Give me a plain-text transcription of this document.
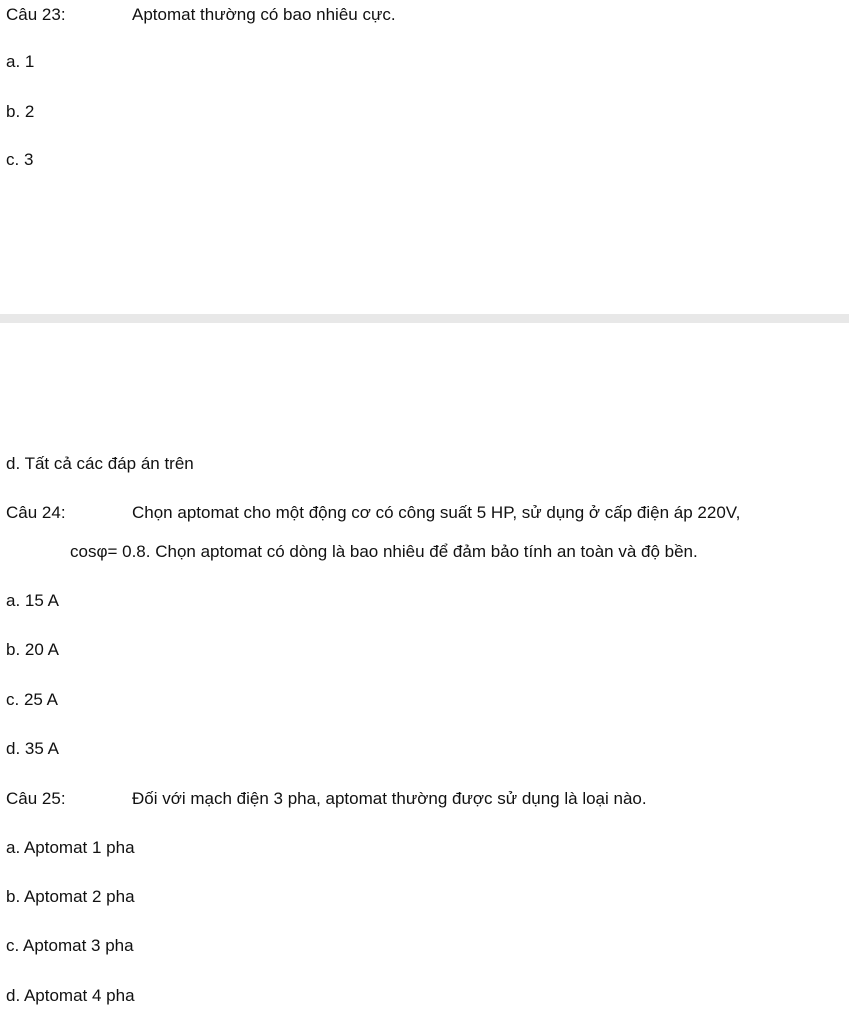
Câu 23:	Aptomat thường có bao nhiêu cực.
a. 1
b. 2
c. 3
d. Tất cả các đáp án trên
Câu 24:	Chọn aptomat cho một động cơ có công suất 5 HP, sử dụng ở cấp điện áp 220V,
cosφ= 0.8. Chọn aptomat có dòng là bao nhiêu để đảm bảo tính an toàn và độ bền.
a. 15 A
b. 20 A
c. 25 A
d. 35 A
Câu 25:	Đối với mạch điện 3 pha, aptomat thường được sử dụng là loại nào.
a. Aptomat 1 pha
b. Aptomat 2 pha
c. Aptomat 3 pha
d. Aptomat 4 pha
